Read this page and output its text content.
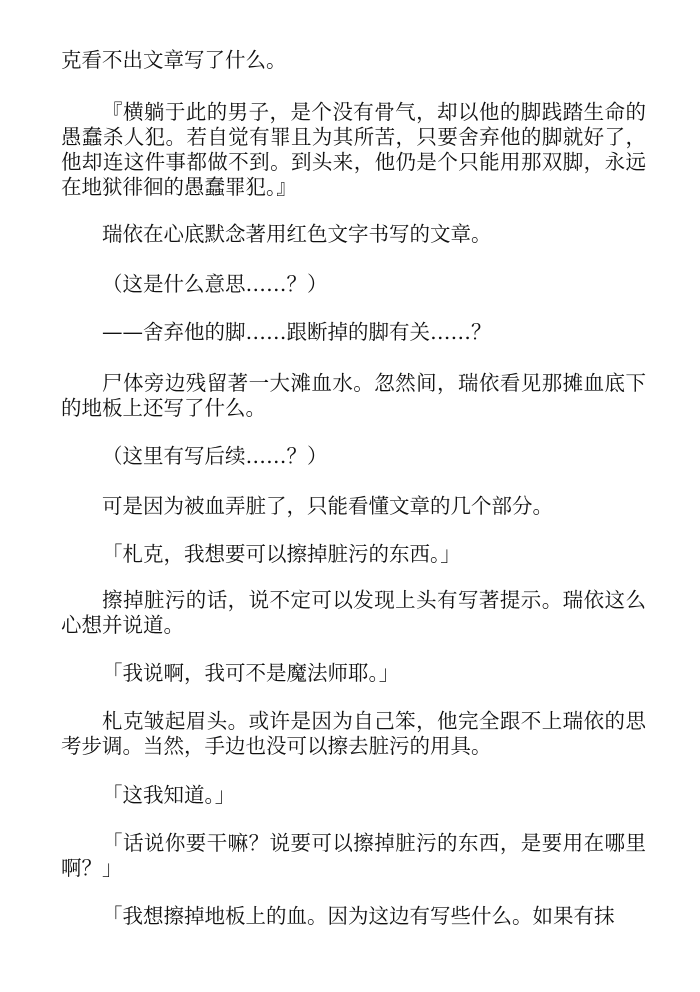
克看不出文章写了什么。

『横躺于此的男子，是个没有骨气，却以他的脚践踏生命的愚蠢杀人犯。若自觉有罪且为其所苦，只要舍弃他的脚就好了，他却连这件事都做不到。到头来，他仍是个只能用那双脚，永远在地狱徘徊的愚蠢罪犯。』

瑞依在心底默念著用红色文字书写的文章。

（这是什么意思……？）

——舍弃他的脚……跟断掉的脚有关……？

尸体旁边残留著一大滩血水。忽然间，瑞依看见那摊血底下的地板上还写了什么。

（这里有写后续……？）

可是因为被血弄脏了，只能看懂文章的几个部分。

「札克，我想要可以擦掉脏污的东西。」

擦掉脏污的话，说不定可以发现上头有写著提示。瑞依这么心想并说道。

「我说啊，我可不是魔法师耶。」

札克皱起眉头。或许是因为自己笨，他完全跟不上瑞依的思考步调。当然，手边也没可以擦去脏污的用具。

「这我知道。」

「话说你要干嘛？说要可以擦掉脏污的东西，是要用在哪里啊？」

「我想擦掉地板上的血。因为这边有写些什么。如果有抹
